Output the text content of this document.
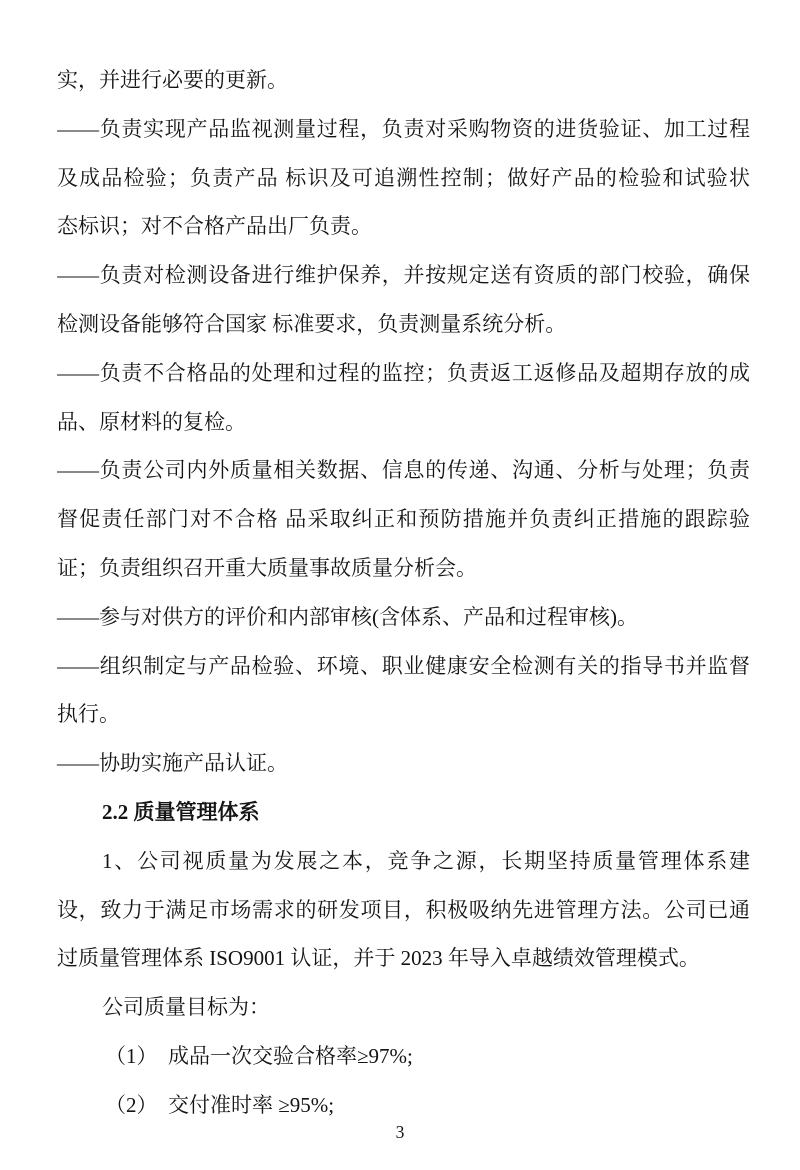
实，并进行必要的更新。
——负责实现产品监视测量过程，负责对采购物资的进货验证、加工过程
及成品检验；负责产品 标识及可追溯性控制；做好产品的检验和试验状
态标识；对不合格产品出厂负责。
——负责对检测设备进行维护保养，并按规定送有资质的部门校验，确保
检测设备能够符合国家 标准要求，负责测量系统分析。
——负责不合格品的处理和过程的监控；负责返工返修品及超期存放的成
品、原材料的复检。
——负责公司内外质量相关数据、信息的传递、沟通、分析与处理；负责
督促责任部门对不合格 品采取纠正和预防措施并负责纠正措施的跟踪验
证；负责组织召开重大质量事故质量分析会。
——参与对供方的评价和内部审核(含体系、产品和过程审核)。
——组织制定与产品检验、环境、职业健康安全检测有关的指导书并监督
执行。
——协助实施产品认证。
2.2 质量管理体系
1、公司视质量为发展之本，竞争之源，长期坚持质量管理体系建
设，致力于满足市场需求的研发项目，积极吸纳先进管理方法。公司已通
过质量管理体系 ISO9001 认证，并于 2023 年导入卓越绩效管理模式。
公司质量目标为：
（1）  成品一次交验合格率≥97%;
（2）  交付准时率 ≥95%;
3
